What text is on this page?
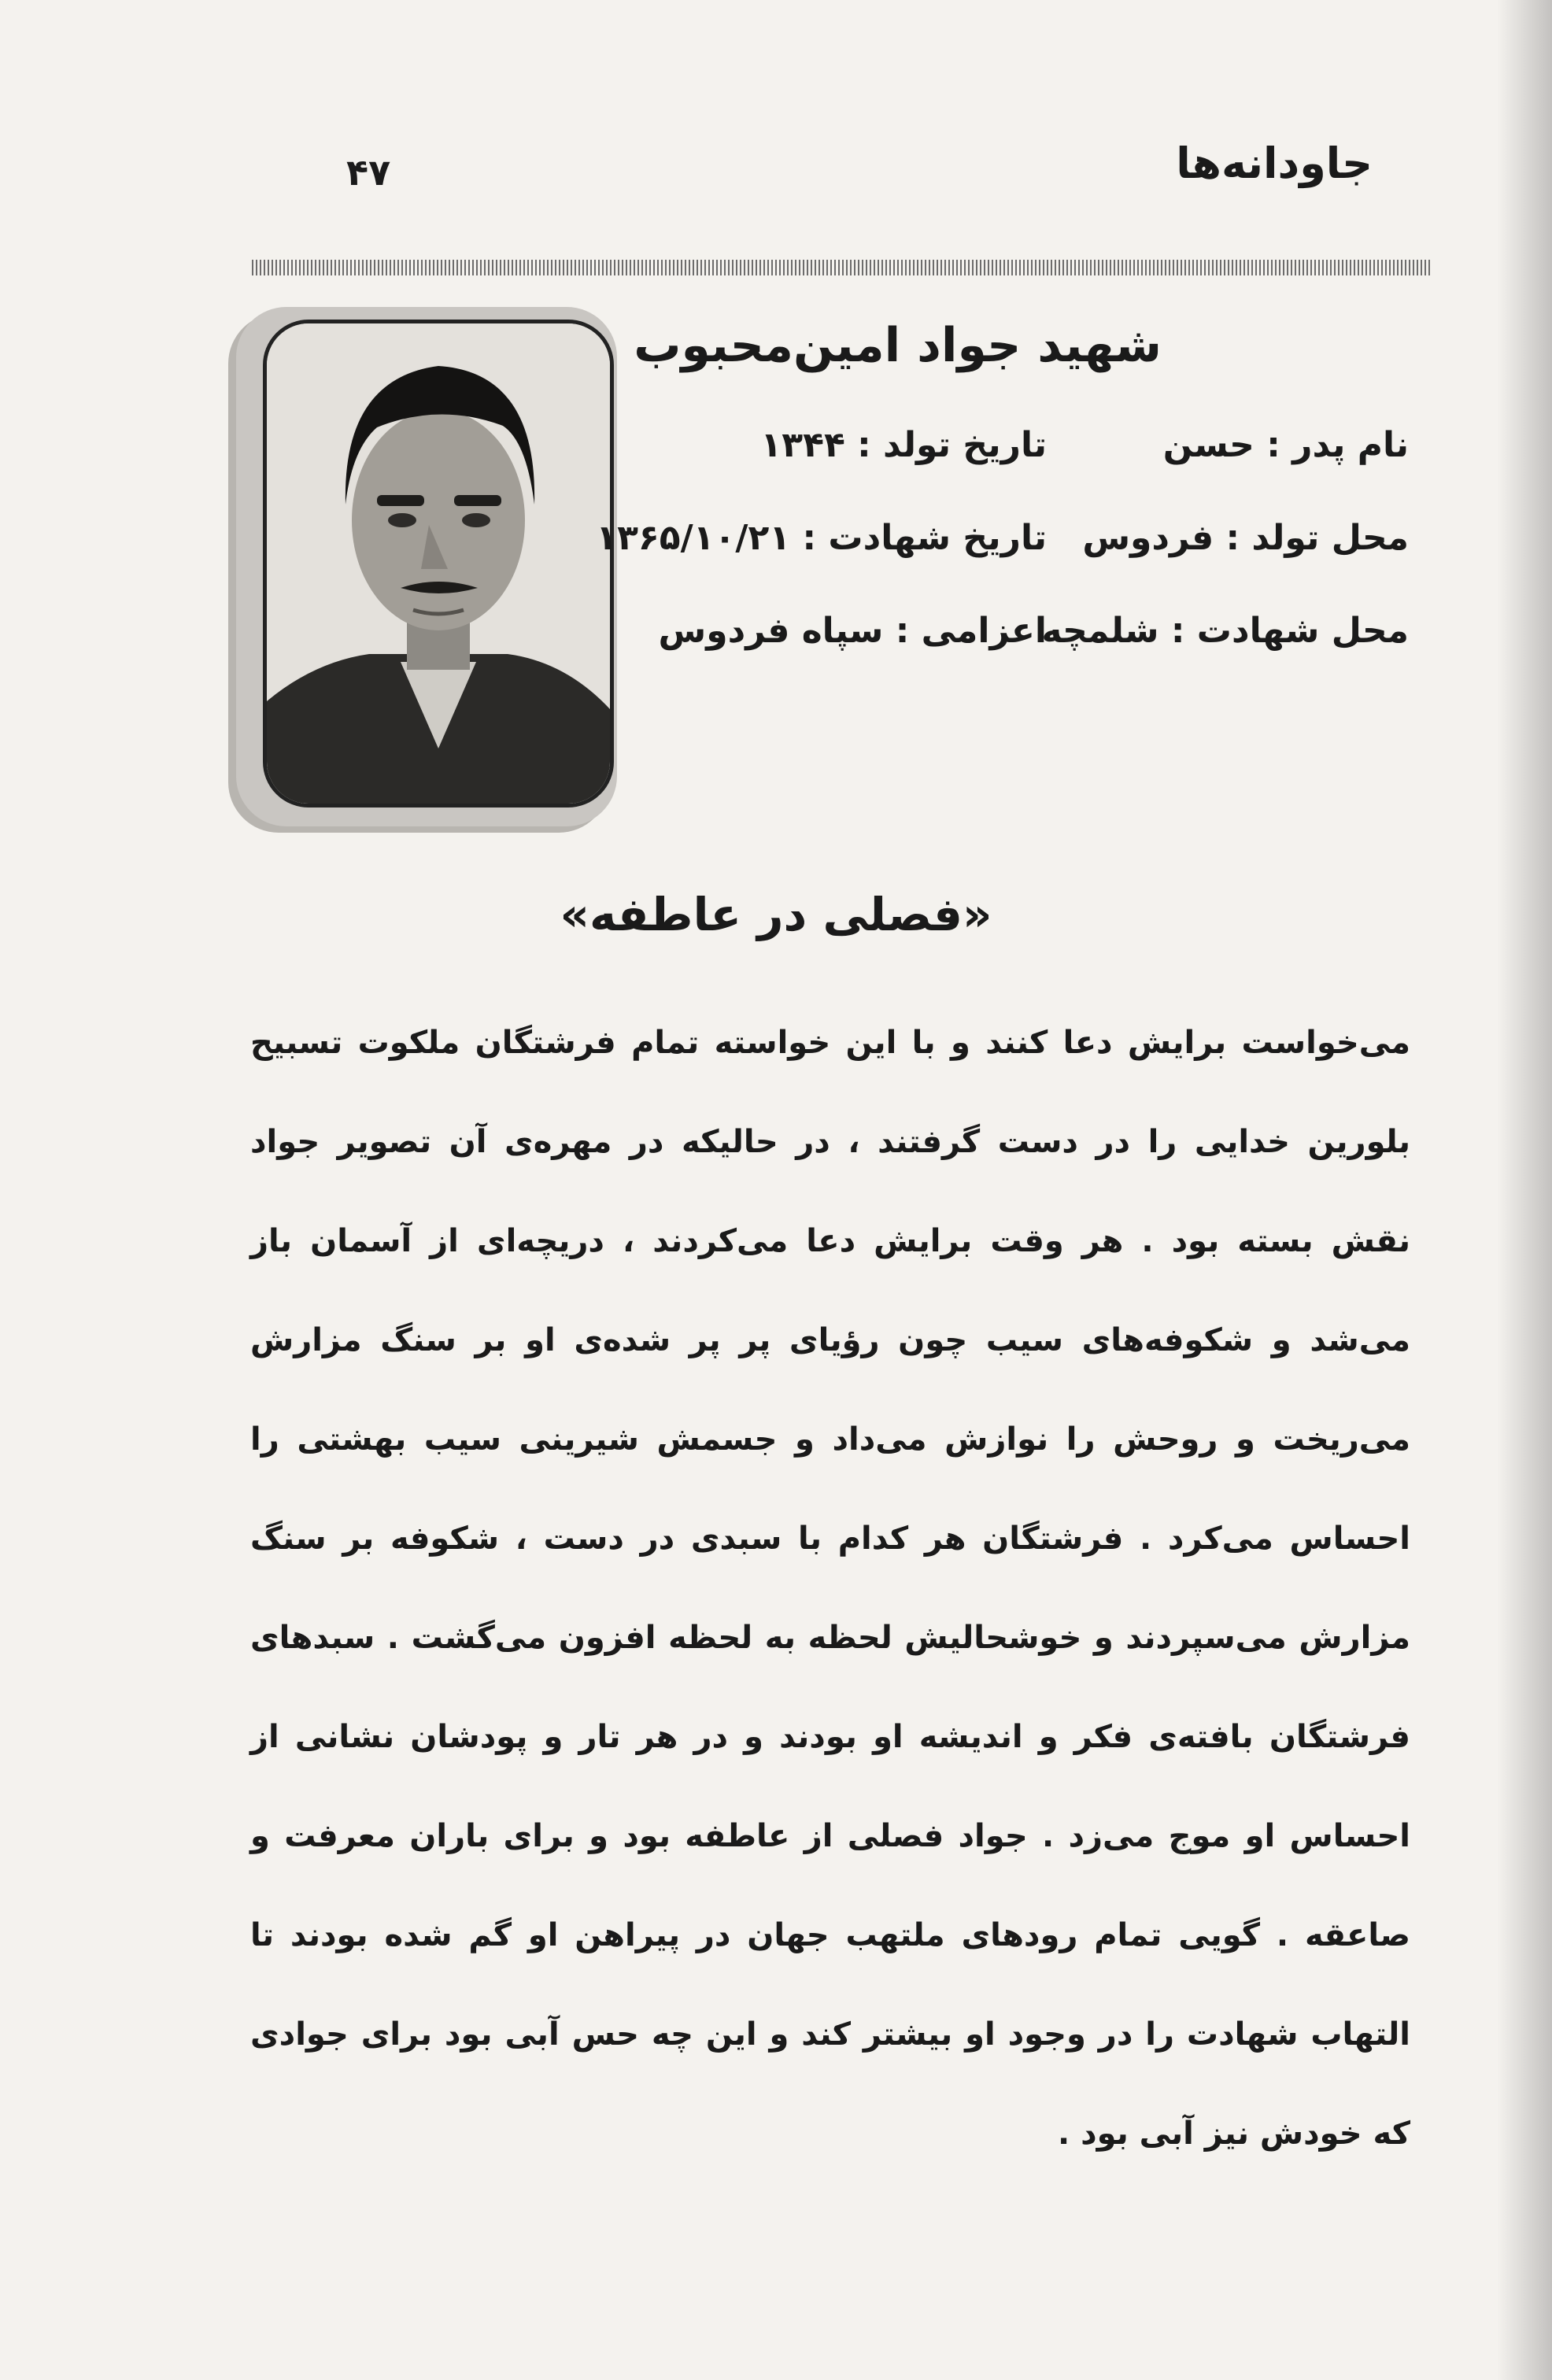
جاودانه‌ها
۴۷
شهید جواد امین‌محبوب
نام پدر : حسن
تاریخ تولد : ۱۳۴۴
محل تولد : فردوس
تاریخ شهادت : ۱۳۶۵/۱۰/۲۱
محل شهادت : شلمچه
اعزامی : سپاه فردوس
«فصلی در عاطفه»

می‌خواست برایش دعا کنند و با این خواسته تمام فرشتگان ملکوت تسبیح بلورین خدایی را در دست گرفتند ، در حالیکه در مهره‌ی آن تصویر جواد نقش بسته بود . هر وقت برایش دعا می‌کردند ، دریچه‌ای از آسمان باز می‌شد و شکوفه‌های سیب چون رؤیای پر پر شده‌ی او بر سنگ مزارش می‌ریخت و روحش را نوازش می‌داد و جسمش شیرینی سیب بهشتی را احساس می‌کرد . فرشتگان هر کدام با سبدی در دست ، شکوفه بر سنگ مزارش می‌سپردند و خوشحالیش لحظه به لحظه افزون می‌گشت . سبدهای فرشتگان بافته‌ی فکر و اندیشه او بودند و در هر تار و پودشان نشانی از احساس او موج می‌زد . جواد فصلی از عاطفه بود و برای باران معرفت و صاعقه . گویی تمام رودهای ملتهب جهان در پیراهن او گم شده بودند تا التهاب شهادت را در وجود او بیشتر کند و این چه حس آبی بود برای جوادی که خودش نیز آبی بود .
